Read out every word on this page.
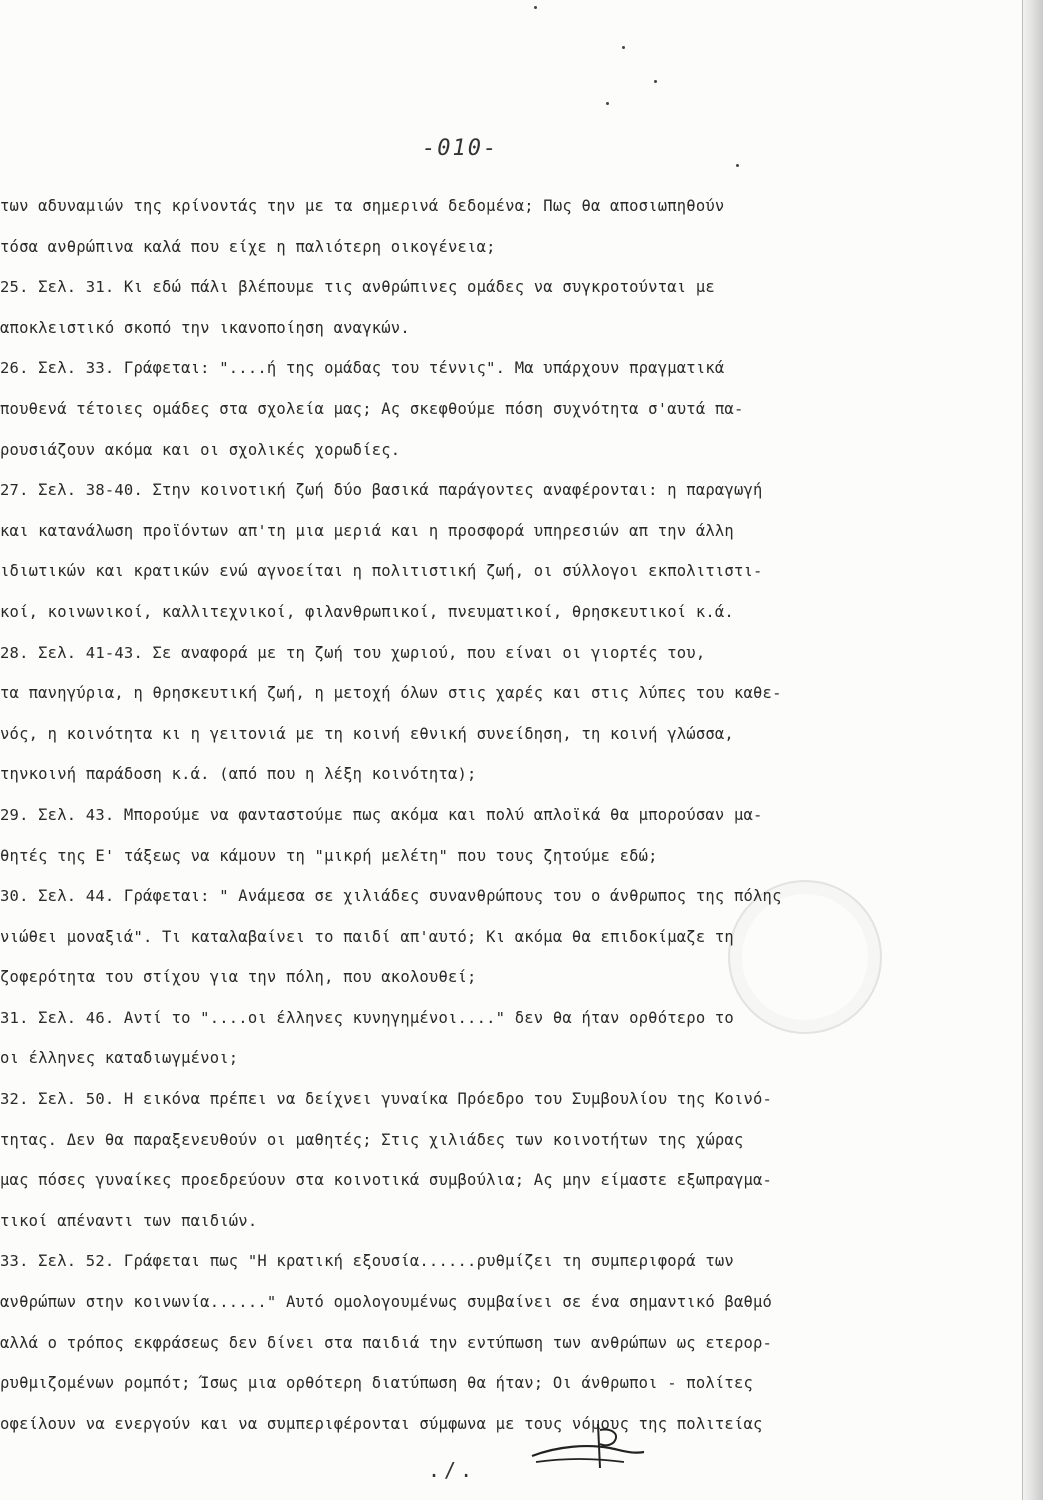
-010-
των αδυναμιών της κρίνοντάς την με τα σημερινά δεδομένα; Πως θα αποσιωπηθούν
τόσα ανθρώπινα καλά που είχε η παλιότερη οικογένεια;
25. Σελ. 31. Κι εδώ πάλι βλέπουμε τις ανθρώπινες ομάδες να συγκροτούνται με
αποκλειστικό σκοπό την ικανοποίηση αναγκών.
26. Σελ. 33. Γράφεται: "....ή της ομάδας του τέννις". Μα υπάρχουν πραγματικά
πουθενά τέτοιες ομάδες στα σχολεία μας; Ας σκεφθούμε πόση συχνότητα σ'αυτά πα-
ρουσιάζουν ακόμα και οι σχολικές χορωδίες.
27. Σελ. 38-40. Στην κοινοτική ζωή δύο βασικά παράγοντες αναφέρονται: η παραγωγή
και κατανάλωση προϊόντων απ'τη μια μεριά και η προσφορά υπηρεσιών απ την άλλη
ιδιωτικών και κρατικών ενώ αγνοείται η πολιτιστική ζωή, οι σύλλογοι εκπολιτιστι-
κοί, κοινωνικοί, καλλιτεχνικοί, φιλανθρωπικοί, πνευματικοί, θρησκευτικοί κ.ά.
28. Σελ. 41-43. Σε αναφορά με τη ζωή του χωριού, που είναι οι γιορτές του,
τα πανηγύρια, η θρησκευτική ζωή, η μετοχή όλων στις χαρές και στις λύπες του καθε-
νός, η κοινότητα κι η γειτονιά με τη κοινή εθνική συνείδηση, τη κοινή γλώσσα,
τηνκοινή παράδοση κ.ά. (από που η λέξη κοινότητα);
29. Σελ. 43. Μπορούμε να φανταστούμε πως ακόμα και πολύ απλοϊκά θα μπορούσαν μα-
θητές της Ε' τάξεως να κάμουν τη "μικρή μελέτη" που τους ζητούμε εδώ;
30. Σελ. 44. Γράφεται: " Ανάμεσα σε χιλιάδες συνανθρώπους του ο άνθρωπος της πόλης
νιώθει μοναξιά". Τι καταλαβαίνει το παιδί απ'αυτό; Κι ακόμα θα επιδοκίμαζε τη
ζοφερότητα του στίχου για την πόλη, που ακολουθεί;
31. Σελ. 46. Αντί το "....οι έλληνες κυνηγημένοι...." δεν θα ήταν ορθότερο το
οι έλληνες καταδιωγμένοι;
32. Σελ. 50. Η εικόνα πρέπει να δείχνει γυναίκα Πρόεδρο του Συμβουλίου της Κοινό-
τητας. Δεν θα παραξενευθούν οι μαθητές; Στις χιλιάδες των κοινοτήτων της χώρας
μας πόσες γυναίκες προεδρεύουν στα κοινοτικά συμβούλια; Ας μην είμαστε εξωπραγμα-
τικοί απέναντι των παιδιών.
33. Σελ. 52. Γράφεται πως "Η κρατική εξουσία......ρυθμίζει τη συμπεριφορά των
ανθρώπων στην κοινωνία......" Αυτό ομολογουμένως συμβαίνει σε ένα σημαντικό βαθμό
αλλά ο τρόπος εκφράσεως δεν δίνει στα παιδιά την εντύπωση των ανθρώπων ως ετερορ-
ρυθμιζομένων ρομπότ; Ίσως μια ορθότερη διατύπωση θα ήταν; Οι άνθρωποι - πολίτες
οφείλουν να ενεργούν και να συμπεριφέρονται σύμφωνα με τους νόμους της πολιτείας
./.
